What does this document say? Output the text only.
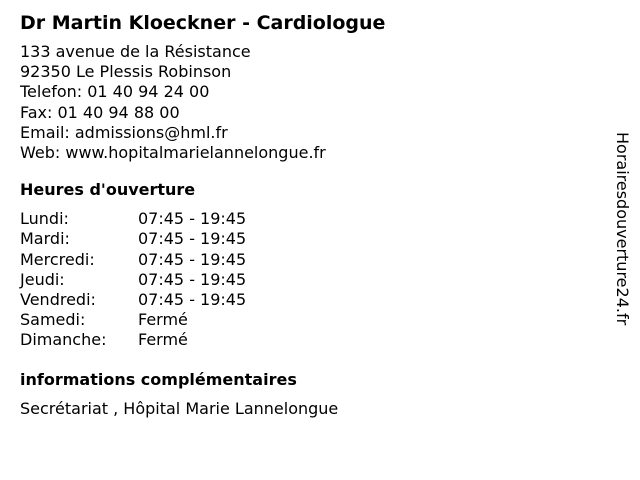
Dr Martin Kloeckner - Cardiologue
133 avenue de la Résistance
92350 Le Plessis Robinson
Telefon: 01 40 94 24 00
Fax: 01 40 94 88 00
Email: admissions@hml.fr
Web: www.hopitalmarielannelongue.fr
Heures d'ouverture
Lundi:	07:45 - 19:45
Mardi:	07:45 - 19:45
Mercredi:	07:45 - 19:45
Jeudi:	07:45 - 19:45
Vendredi:	07:45 - 19:45
Samedi:	Fermé
Dimanche:	Fermé
informations complémentaires
Secrétariat , Hôpital Marie Lannelongue
Horairesdouverture24.fr
